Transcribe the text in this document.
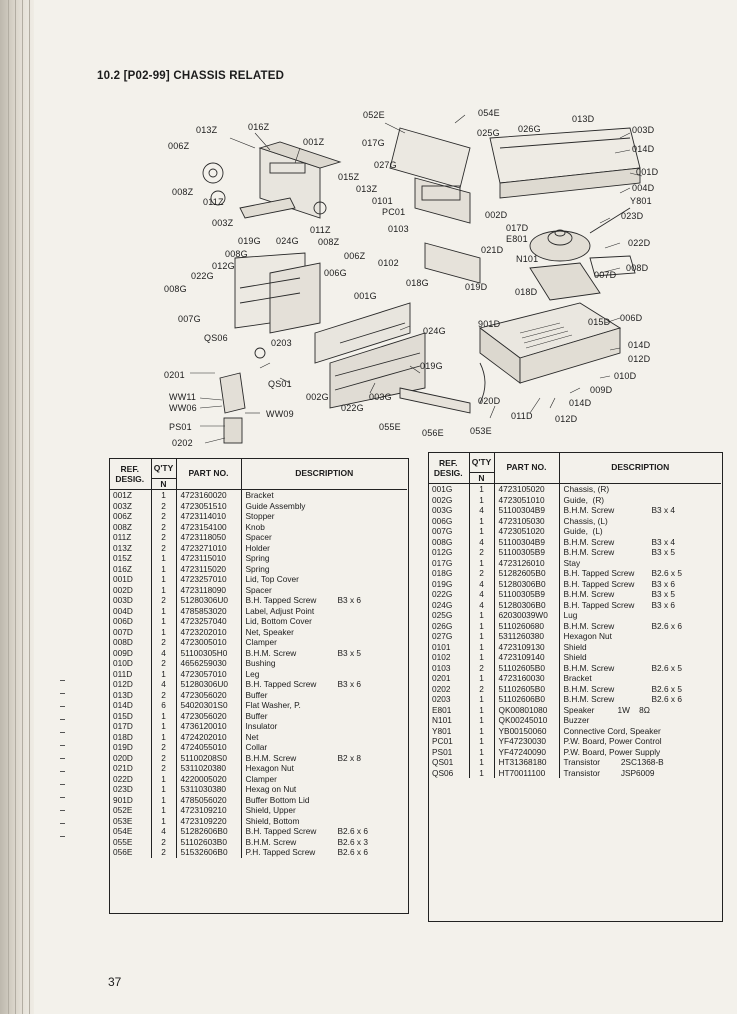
10.2 [P02-99] CHASSIS RELATED
052E	054E
013Z	016Z
025G 026G
013D
003D
006Z	001Z	017G
014D
027G
001D
015Z
008Z	013Z	004D
011Z	0101	Y801
PC01	002D	023D
003Z	017D
011Z	0103
E801
019G 024G 008Z	022D
021D
008G	006Z	N101
012G	0102	008D
006G
022G
018G
007D
019D	018D
008G
001G
007G	901D	015D 006D
024G
QS06	0203	014D
012D
019G
0201
QS01
010D
009D
WW11	002G	003G	020D	014D
WW06	022G
WW09	011D 012D
PS01	055E	053E
056E
0202
REF.
DESIG.	Q'TY	PART NO.	DESCRIPTION
	N		

001Z	1	4723160020	Bracket

003Z	2	4723051510	Guide Assembly

006Z	2	4723114010	Stopper

008Z	2	4723154100	Knob

011Z	2	4723118050	Spacer

013Z	2	4723271010	Holder

015Z	1	4723115010	Spring

016Z	1	4723115020	Spring

001D	1	4723257010	Lid, Top Cover

002D	1	4723118090	Spacer

003D	2	51280306U0	B.H. Tapped Screw B3 x 6

004D	1	4785853020	Label, Adjust Point

006D	1	4723257040	Lid, Bottom Cover

007D	1	4723202010	Net, Speaker

008D	2	4723005010	Clamper

009D	4	51100305H0	B.H.M. Screw B3 x 5

010D	2	4656259030	Bushing

011D	1	4723057010	Leg

012D	4	51280306U0	B.H. Tapped Screw B3 x 6

013D	2	4723056020	Buffer

014D	6	54020301S0	Flat Washer, P.

015D	1	4723056020	Buffer

017D	1	4736120010	Insulator

018D	1	4724202010	Net

019D	2	4724055010	Collar

020D	2	51100208S0	B.H.M. Screw B2 x 8

021D	2	5311020380	Hexagon Nut

022D	1	4220005020	Clamper

023D	1	5311030380	Hexag on Nut

901D	1	4785056020	Buffer Bottom Lid

052E	1	4723109210	Shield, Upper

053E	1	4723109220	Shield, Bottom

054E	4	51282606B0	B.H. Tapped Screw B2.6 x 6

055E	2	51102603B0	B.H.M. Screw B2.6 x 3

056E	2	51532606B0	P.H. Tapped Screw B2.6 x 6
REF.
DESIG.	Q'TY	PART NO.	DESCRIPTION
	N		

001G	1	4723105020	Chassis, (R)

002G	1	4723051010	Guide,  (R)

003G	4	51100304B9	B.H.M. Screw B3 x 4

006G	1	4723105030	Chassis, (L)

007G	1	4723051020	Guide,  (L)

008G	4	51100304B9	B.H.M. Screw B3 x 4

012G	2	51100305B9	B.H.M. Screw B3 x 5

017G	1	4723126010	Stay

018G	2	51282605B0	B.H. Tapped Screw B2.6 x 5

019G	4	51280306B0	B.H. Tapped Screw B3 x 6

022G	4	51100305B9	B.H.M. Screw B3 x 5

024G	4	51280306B0	B.H. Tapped Screw B3 x 6

025G	1	62030039W0	Lug

026G	1	5110260680	B.H.M. Screw B2.6 x 6

027G	1	5311260380	Hexagon Nut

0101	1	4723109130	Shield

0102	1	4723109140	Shield

0103	2	51102605B0	B.H.M. Screw B2.6 x 5

0201	1	4723160030	Bracket

0202	2	51102605B0	B.H.M. Screw B2.6 x 5

0203	1	51102606B0	B.H.M. Screw B2.6 x 6

E801	1	QK00801080	Speaker          1W    8Ω

N101	1	QK00245010	Buzzer

Y801	1	YB00150060	Connective Cord, Speaker

PC01	1	YF47230030	P.W. Board, Power Control

PS01	1	YF47240090	P.W. Board, Power Supply

QS01	1	HT31368180	Transistor         2SC1368-B

QS06	1	HT70011100	Transistor         JSP6009
37
